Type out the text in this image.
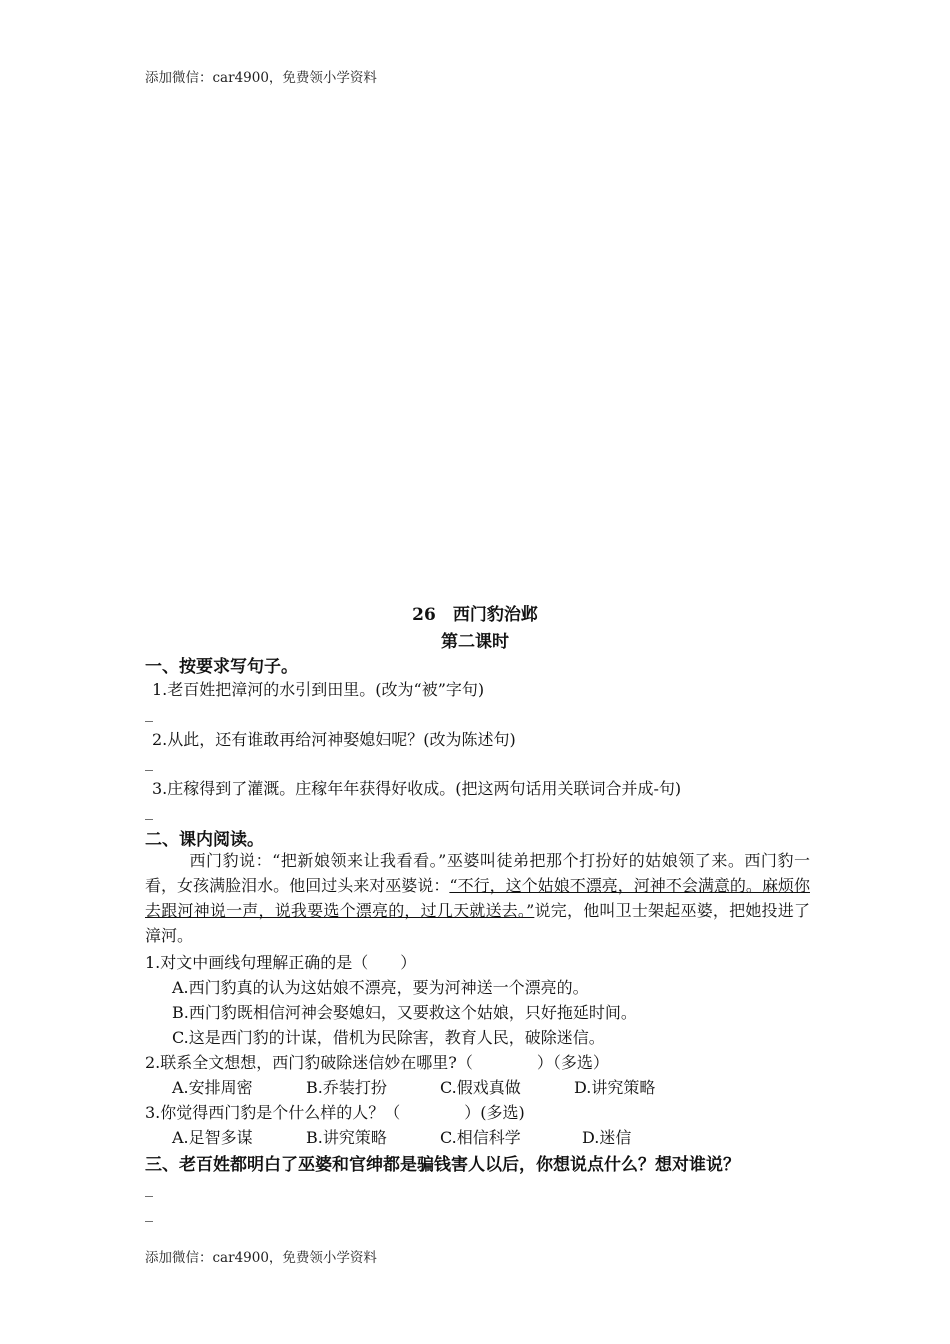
添加微信：car4900，免费领小学资料
26　西门豹治邺
第二课时
一、按要求写句子。
1.老百姓把漳河的水引到田里。(改为“被”字句)
_
2.从此，还有谁敢再给河神娶媳妇呢？(改为陈述句)
_
3.庄稼得到了灌溉。庄稼年年获得好收成。(把这两句话用关联词合并成-句)
_
二、课内阅读。
西门豹说：“把新娘领来让我看看。”巫婆叫徒弟把那个打扮好的姑娘领了来。西门豹一看，女孩满脸泪水。他回过头来对巫婆说：“不行，这个姑娘不漂亮，河神不会满意的。麻烦你去跟河神说一声，说我要选个漂亮的，过几天就送去。”说完，他叫卫士架起巫婆，把她投进了漳河。
1.对文中画线句理解正确的是（　　）
A.西门豹真的认为这姑娘不漂亮，要为河神送一个漂亮的。
B.西门豹既相信河神会娶媳妇，又要救这个姑娘，只好拖延时间。
C.这是西门豹的计谋，借机为民除害，教育人民，破除迷信。
2.联系全文想想，西门豹破除迷信妙在哪里?（　　　　）（多选）
A.安排周密	B.乔装打扮	C.假戏真做	D.讲究策略
3.你觉得西门豹是个什么样的人？（　　　　）(多选)
A.足智多谋	B.讲究策略	C.相信科学	D.迷信
三、老百姓都明白了巫婆和官绅都是骗钱害人以后，你想说点什么？想对谁说？
_
_
添加微信：car4900，免费领小学资料
